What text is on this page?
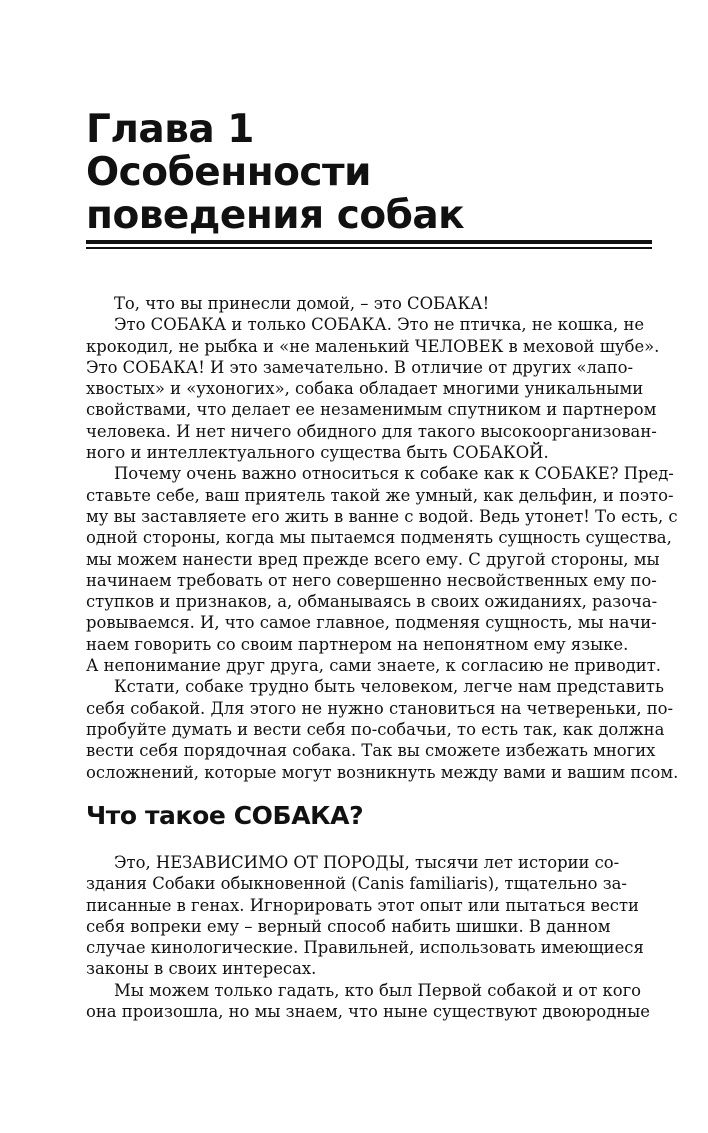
Глава 1
Особенности
поведения собак
То, что вы принесли домой, – это СОБАКА!
Это СОБАКА и только СОБАКА. Это не птичка, не кошка, не
крокодил, не рыбка и «не маленький ЧЕЛОВЕК в меховой шубе».
Это СОБАКА! И это замечательно. В отличие от других «лапо-
хвостых» и «ухоногих», собака обладает многими уникальными
свойствами, что делает ее незаменимым спутником и партнером
человека. И нет ничего обидного для такого высокоорганизован-
ного и интеллектуального существа быть СОБАКОЙ.
Почему очень важно относиться к собаке как к СОБАКЕ? Пред-
ставьте себе, ваш приятель такой же умный, как дельфин, и поэто-
му вы заставляете его жить в ванне с водой. Ведь утонет! То есть, с
одной стороны, когда мы пытаемся подменять сущность существа,
мы можем нанести вред прежде всего ему. С другой стороны, мы
начинаем требовать от него совершенно несвойственных ему по-
ступков и признаков, а, обманываясь в своих ожиданиях, разоча-
ровываемся. И, что самое главное, подменяя сущность, мы начи-
наем говорить со своим партнером на непонятном ему языке.
А непонимание друг друга, сами знаете, к согласию не приводит.
Кстати, собаке трудно быть человеком, легче нам представить
себя собакой. Для этого не нужно становиться на четвереньки, по-
пробуйте думать и вести себя по-собачьи, то есть так, как должна
вести себя порядочная собака. Так вы сможете избежать многих
осложнений, которые могут возникнуть между вами и вашим псом.
Что такое СОБАКА?
Это, НЕЗАВИСИМО ОТ ПОРОДЫ, тысячи лет истории со-
здания Собаки обыкновенной (Canis familiaris), тщательно за-
писанные в генах. Игнорировать этот опыт или пытаться вести
себя вопреки ему – верный способ набить шишки. В данном
случае кинологические. Правильней, использовать имеющиеся
законы в своих интересах.
Мы можем только гадать, кто был Первой собакой и от кого
она произошла, но мы знаем, что ныне существуют двоюродные
